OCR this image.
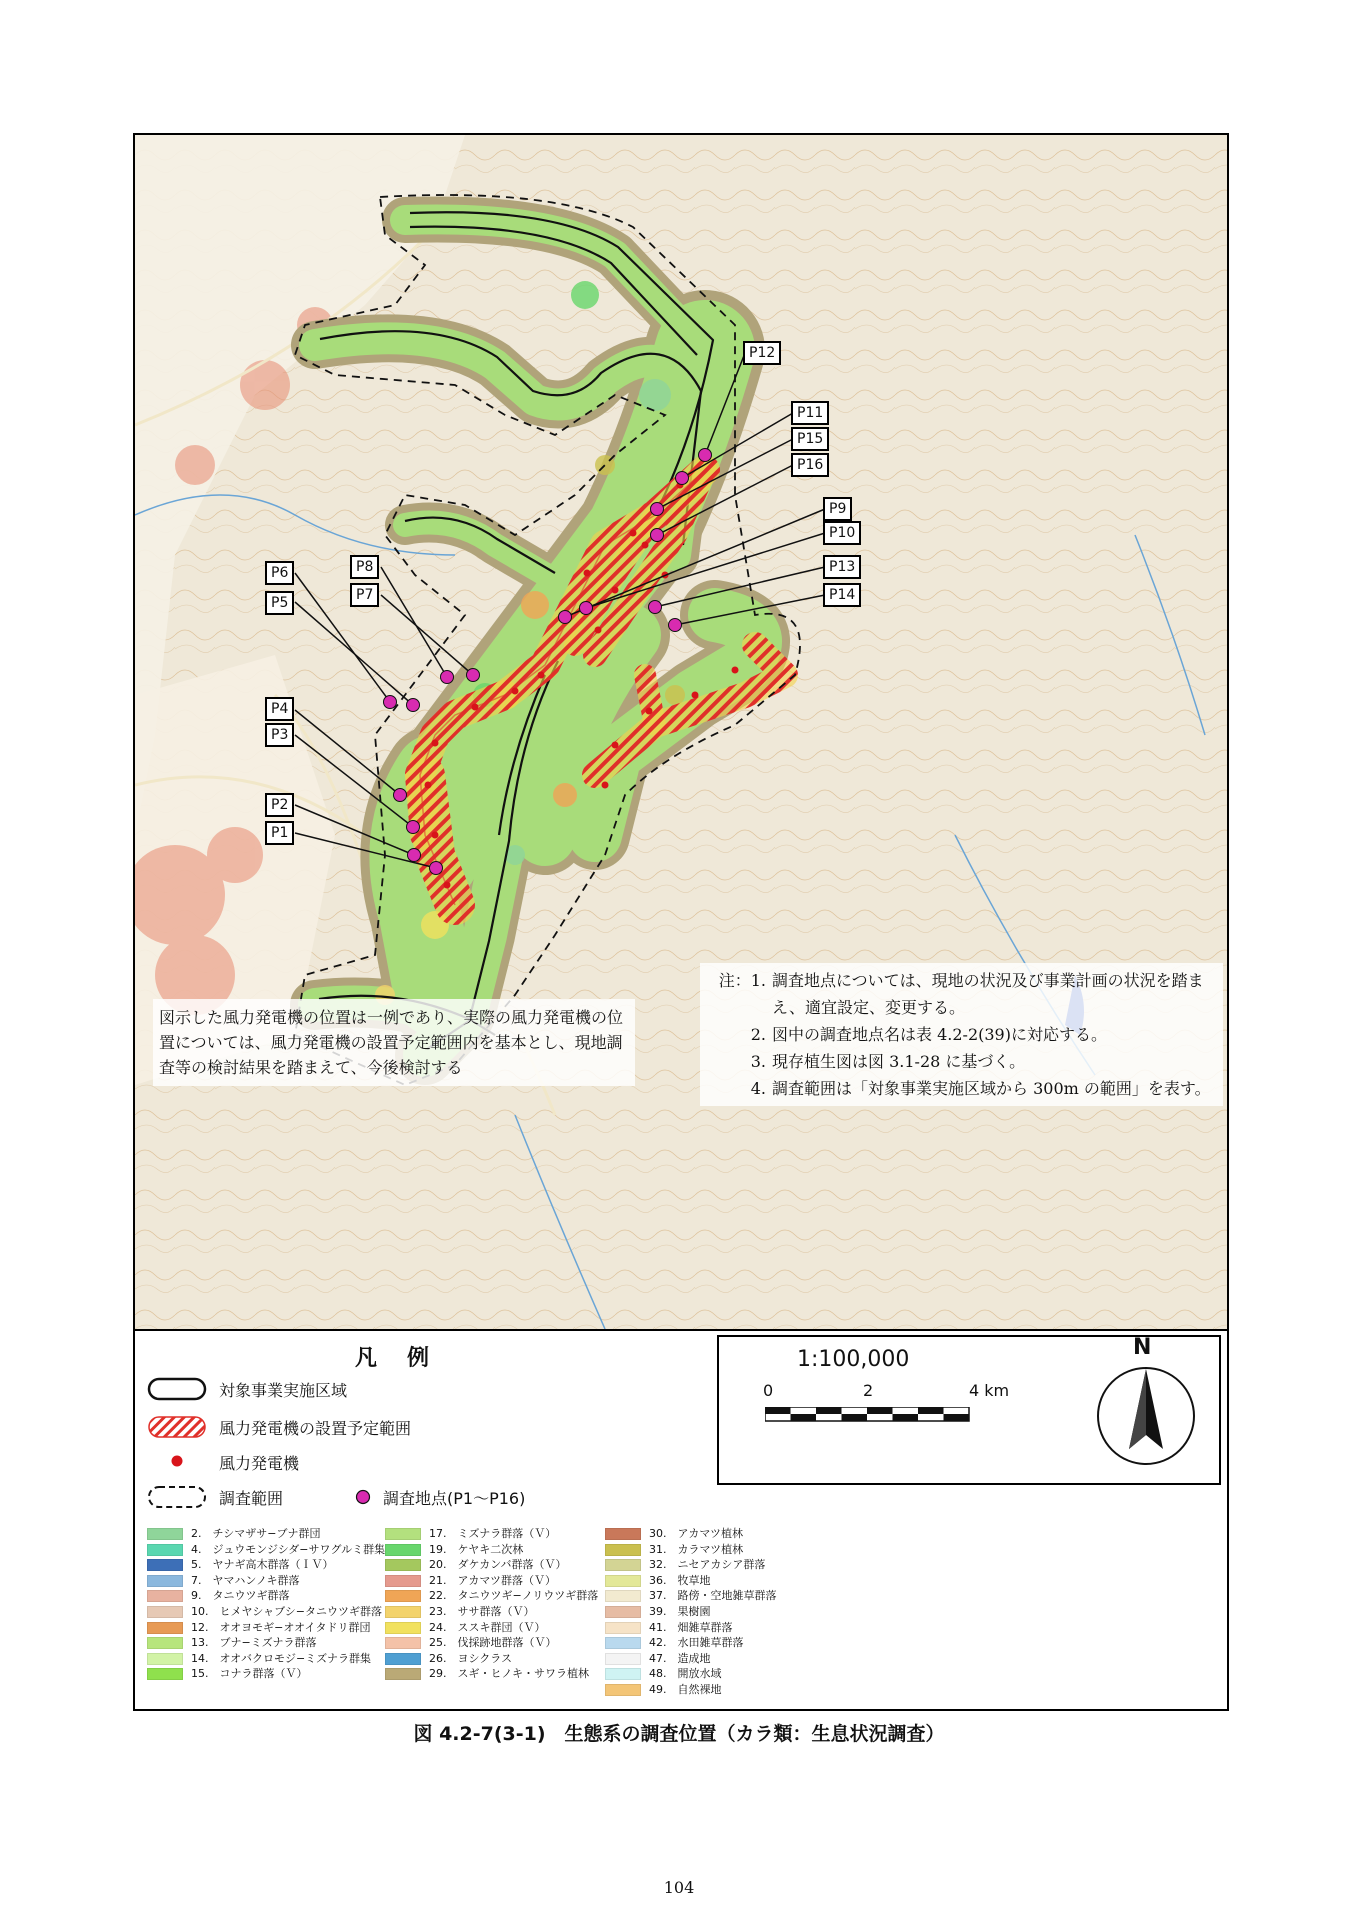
P1
P2
P3
P4
P5
P6
P7
P8
P9
P10
P11
P12
P13
P14
P15
P16
図示した風力発電機の位置は一例であり、実際の風力発電機の位置については、風力発電機の設置予定範囲内を基本とし、現地調査等の検討結果を踏まえて、今後検討する
注：1. 調査地点については、現地の状況及び事業計画の状況を踏まえ、適宜設定、変更する。
2. 図中の調査地点名は表 4.2-2(39)に対応する。
3. 現存植生図は図 3.1-28 に基づく。
4. 調査範囲は「対象事業実施区域から 300m の範囲」を表す。
凡例
対象事業実施区域
風力発電機の設置予定範囲
風力発電機
調査範囲	調査地点(P1～P16)
1:100,000
0	2	4 km
N
2.　チシマザサ−ブナ群団
4.　ジュウモンジシダ−サワグルミ群集
5.　ヤナギ高木群落（ＩＶ）
7.　ヤマハンノキ群落
9.　タニウツギ群落
10.　ヒメヤシャブシ−タニウツギ群落
12.　オオヨモギ−オオイタドリ群団
13.　ブナ−ミズナラ群落
14.　オオバクロモジ−ミズナラ群集
15.　コナラ群落（Ｖ）
17.　ミズナラ群落（Ｖ）
19.　ケヤキ二次林
20.　ダケカンバ群落（Ｖ）
21.　アカマツ群落（Ｖ）
22.　タニウツギ−ノリウツギ群落
23.　ササ群落（Ｖ）
24.　ススキ群団（Ｖ）
25.　伐採跡地群落（Ｖ）
26.　ヨシクラス
29.　スギ・ヒノキ・サワラ植林
30.　アカマツ植林
31.　カラマツ植林
32.　ニセアカシア群落
36.　牧草地
37.　路傍・空地雑草群落
39.　果樹園
41.　畑雑草群落
42.　水田雑草群落
47.　造成地
48.　開放水域
49.　自然裸地
図 4.2-7(3-1)　生態系の調査位置（カラ類：生息状況調査）
104
